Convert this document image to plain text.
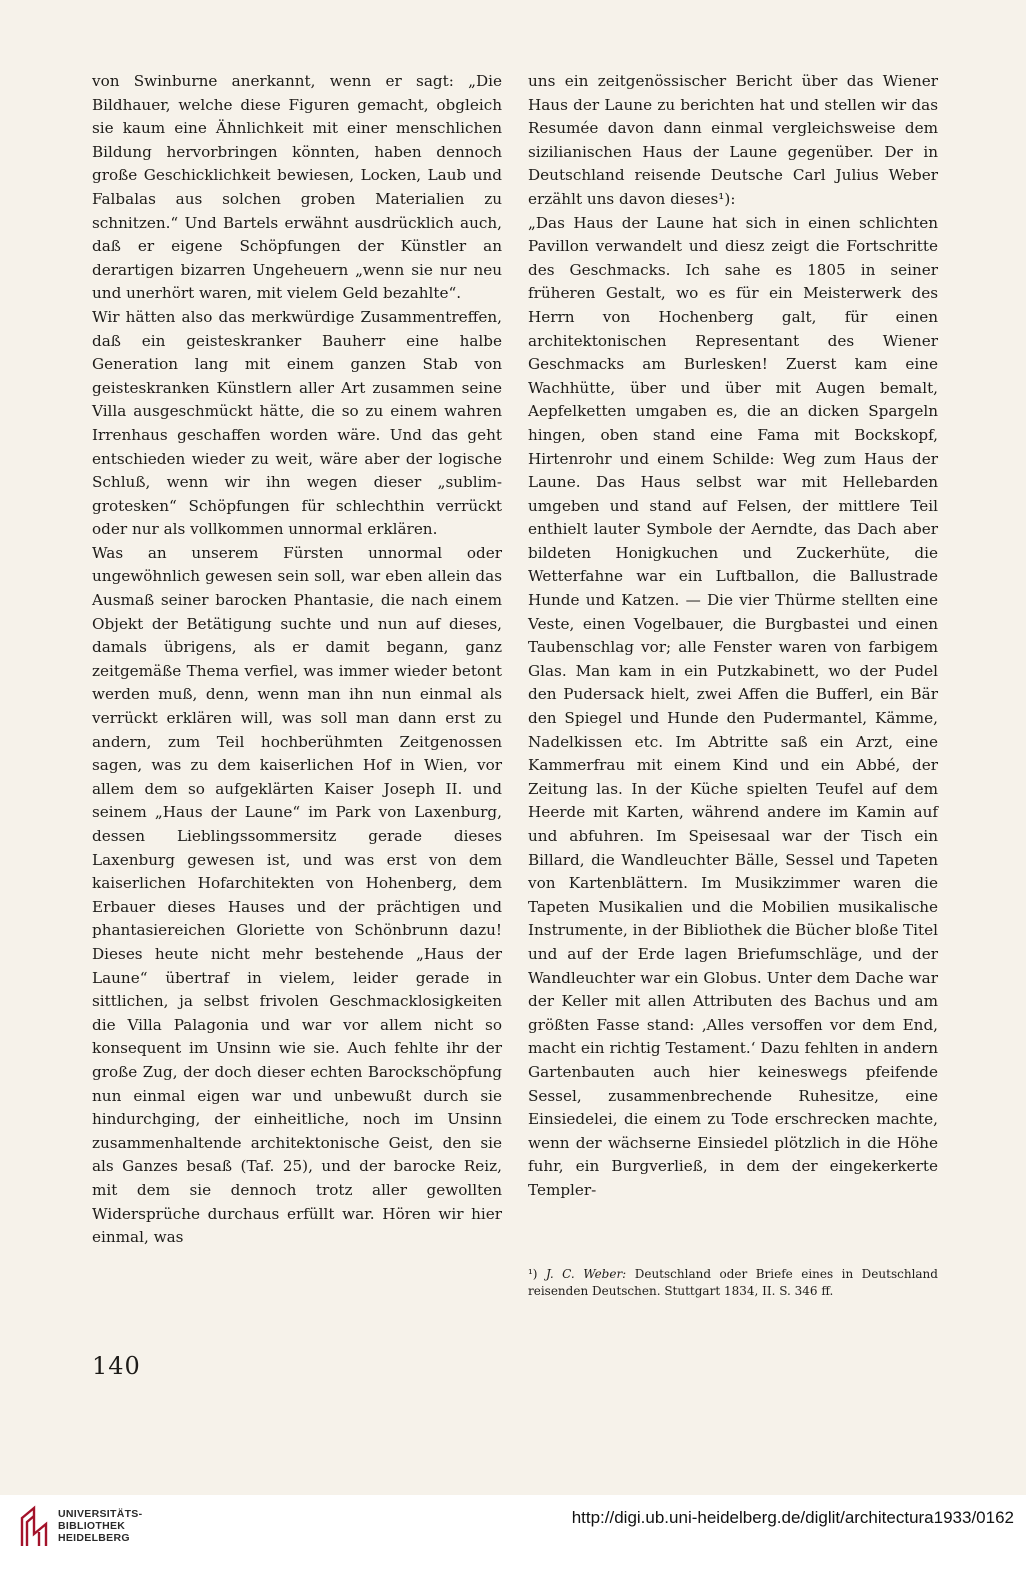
von Swinburne anerkannt, wenn er sagt: „Die Bildhauer, welche diese Figuren gemacht, obgleich sie kaum eine Ähnlichkeit mit einer menschlichen Bildung hervorbringen könnten, haben dennoch große Geschicklichkeit bewiesen, Locken, Laub und Falbalas aus solchen groben Materialien zu schnitzen.“ Und Bartels erwähnt ausdrücklich auch, daß er eigene Schöpfungen der Künstler an derartigen bizarren Ungeheuern „wenn sie nur neu und unerhört waren, mit vielem Geld bezahlte“.

Wir hätten also das merkwürdige Zusammentreffen, daß ein geisteskranker Bauherr eine halbe Generation lang mit einem ganzen Stab von geisteskranken Künstlern aller Art zusammen seine Villa ausgeschmückt hätte, die so zu einem wahren Irrenhaus geschaffen worden wäre. Und das geht entschieden wieder zu weit, wäre aber der logische Schluß, wenn wir ihn wegen dieser „sublim-grotesken“ Schöpfungen für schlechthin verrückt oder nur als vollkommen unnormal erklären.

Was an unserem Fürsten unnormal oder ungewöhnlich gewesen sein soll, war eben allein das Ausmaß seiner barocken Phantasie, die nach einem Objekt der Betätigung suchte und nun auf dieses, damals übrigens, als er damit begann, ganz zeitgemäße Thema verfiel, was immer wieder betont werden muß, denn, wenn man ihn nun einmal als verrückt erklären will, was soll man dann erst zu andern, zum Teil hochberühmten Zeitgenossen sagen, was zu dem kaiserlichen Hof in Wien, vor allem dem so aufgeklärten Kaiser Joseph II. und seinem „Haus der Laune“ im Park von Laxenburg, dessen Lieblingssommersitz gerade dieses Laxenburg gewesen ist, und was erst von dem kaiserlichen Hofarchitekten von Hohenberg, dem Erbauer dieses Hauses und der prächtigen und phantasiereichen Gloriette von Schönbrunn dazu! Dieses heute nicht mehr bestehende „Haus der Laune“ übertraf in vielem, leider gerade in sittlichen, ja selbst frivolen Geschmacklosigkeiten die Villa Palagonia und war vor allem nicht so konsequent im Unsinn wie sie. Auch fehlte ihr der große Zug, der doch dieser echten Barockschöpfung nun einmal eigen war und unbewußt durch sie hindurchging, der einheitliche, noch im Unsinn zusammenhaltende architektonische Geist, den sie als Ganzes besaß (Taf. 25), und der barocke Reiz, mit dem sie dennoch trotz aller gewollten Widersprüche durchaus erfüllt war. Hören wir hier einmal, was

uns ein zeitgenössischer Bericht über das Wiener Haus der Laune zu berichten hat und stellen wir das Resumée davon dann einmal vergleichsweise dem sizilianischen Haus der Laune gegenüber. Der in Deutschland reisende Deutsche Carl Julius Weber erzählt uns davon dieses¹):

„Das Haus der Laune hat sich in einen schlichten Pavillon verwandelt und diesz zeigt die Fortschritte des Geschmacks. Ich sahe es 1805 in seiner früheren Gestalt, wo es für ein Meisterwerk des Herrn von Hochenberg galt, für einen architektonischen Representant des Wiener Geschmacks am Burlesken! Zuerst kam eine Wachhütte, über und über mit Augen bemalt, Aepfelketten umgaben es, die an dicken Spargeln hingen, oben stand eine Fama mit Bockskopf, Hirtenrohr und einem Schilde: Weg zum Haus der Laune. Das Haus selbst war mit Hellebarden umgeben und stand auf Felsen, der mittlere Teil enthielt lauter Symbole der Aerndte, das Dach aber bildeten Honigkuchen und Zuckerhüte, die Wetterfahne war ein Luftballon, die Ballustrade Hunde und Katzen. — Die vier Thürme stellten eine Veste, einen Vogelbauer, die Burgbastei und einen Taubenschlag vor; alle Fenster waren von farbigem Glas. Man kam in ein Putzkabinett, wo der Pudel den Pudersack hielt, zwei Affen die Bufferl, ein Bär den Spiegel und Hunde den Pudermantel, Kämme, Nadelkissen etc. Im Abtritte saß ein Arzt, eine Kammerfrau mit einem Kind und ein Abbé, der Zeitung las. In der Küche spielten Teufel auf dem Heerde mit Karten, während andere im Kamin auf und abfuhren. Im Speisesaal war der Tisch ein Billard, die Wandleuchter Bälle, Sessel und Tapeten von Kartenblättern. Im Musikzimmer waren die Tapeten Musikalien und die Mobilien musikalische Instrumente, in der Bibliothek die Bücher bloße Titel und auf der Erde lagen Briefumschläge, und der Wandleuchter war ein Globus. Unter dem Dache war der Keller mit allen Attributen des Bachus und am größten Fasse stand: ‚Alles versoffen vor dem End, macht ein richtig Testament.‘ Dazu fehlten in andern Gartenbauten auch hier keineswegs pfeifende Sessel, zusammenbrechende Ruhesitze, eine Einsiedelei, die einem zu Tode erschrecken machte, wenn der wächserne Einsiedel plötzlich in die Höhe fuhr, ein Burgverließ, in dem der eingekerkerte Templer-

¹) J. C. Weber: Deutschland oder Briefe eines in Deutschland reisenden Deutschen. Stuttgart 1834, II. S. 346 ff.
140
UNIVERSITÄTS-
BIBLIOTHEK
HEIDELBERG
http://digi.ub.uni-heidelberg.de/diglit/architectura1933/0162
